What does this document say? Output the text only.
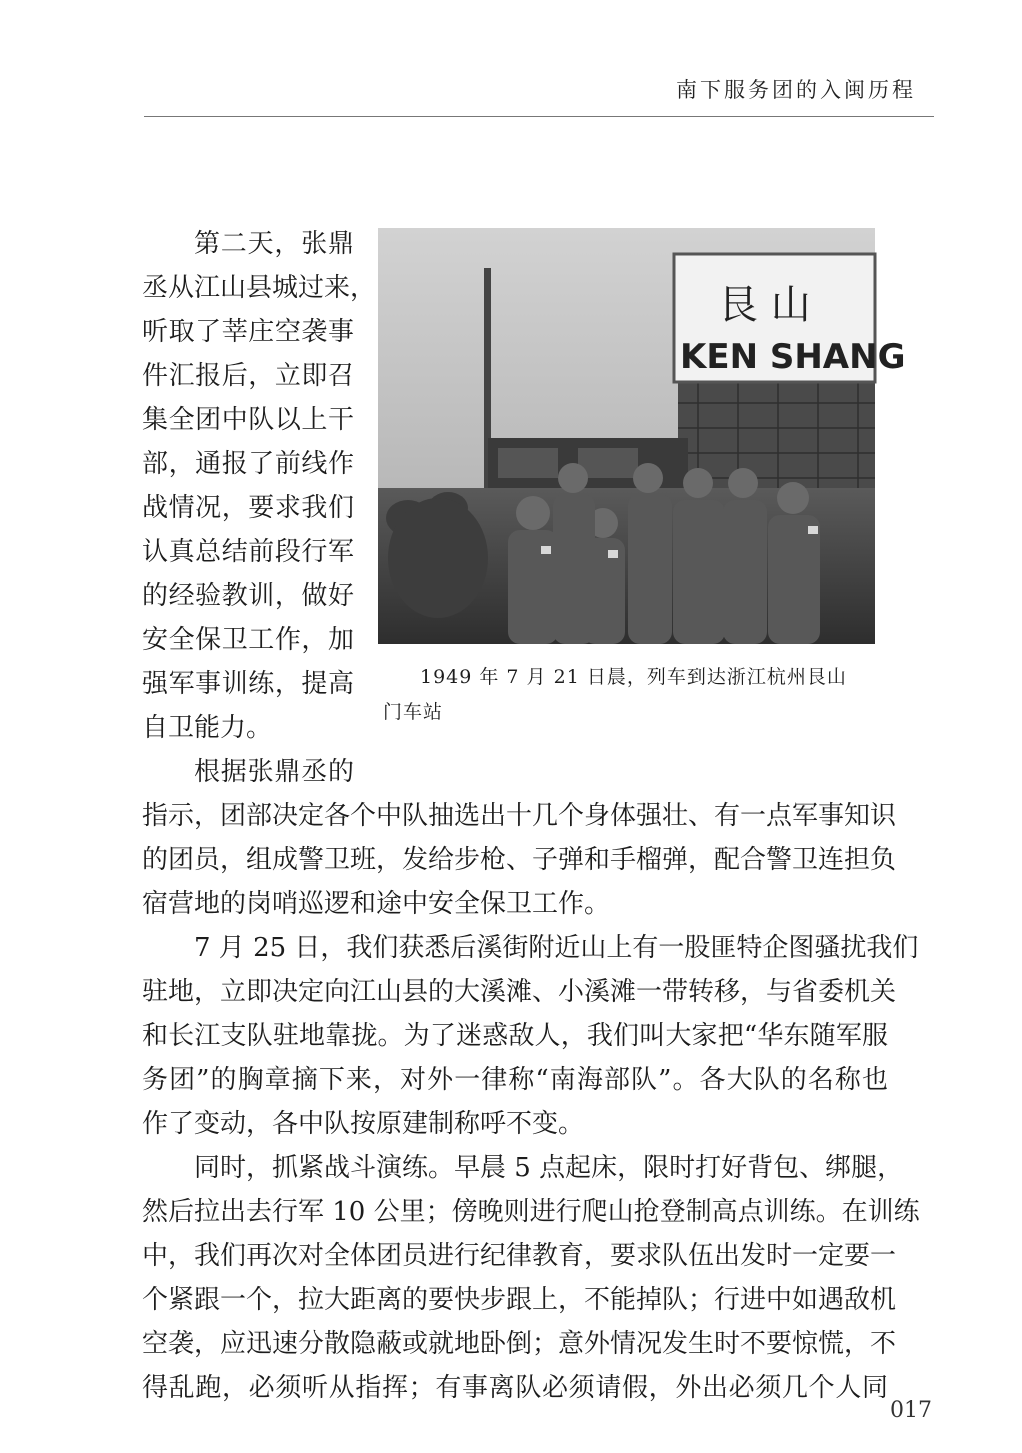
南下服务团的入闽历程
第二天，张鼎
丞从江山县城过来，
听取了莘庄空袭事
件汇报后，立即召
集全团中队以上干
部，通报了前线作
战情况，要求我们
认真总结前段行军
的经验教训，做好
安全保卫工作，加
强军事训练，提高
自卫能力。
艮 山
KEN SHANG
1949 年 7 月 21 日晨，列车到达浙江杭州艮山
门车站
根据张鼎丞的
指示，团部决定各个中队抽选出十几个身体强壮、有一点军事知识
的团员，组成警卫班，发给步枪、子弹和手榴弹，配合警卫连担负
宿营地的岗哨巡逻和途中安全保卫工作。
7 月 25 日，我们获悉后溪街附近山上有一股匪特企图骚扰我们
驻地，立即决定向江山县的大溪滩、小溪滩一带转移，与省委机关
和长江支队驻地靠拢。为了迷惑敌人，我们叫大家把“华东随军服
务团”的胸章摘下来，对外一律称“南海部队”。各大队的名称也
作了变动，各中队按原建制称呼不变。
同时，抓紧战斗演练。早晨 5 点起床，限时打好背包、绑腿，
然后拉出去行军 10 公里；傍晚则进行爬山抢登制高点训练。在训练
中，我们再次对全体团员进行纪律教育，要求队伍出发时一定要一
个紧跟一个，拉大距离的要快步跟上，不能掉队；行进中如遇敌机
空袭，应迅速分散隐蔽或就地卧倒；意外情况发生时不要惊慌，不
得乱跑，必须听从指挥；有事离队必须请假，外出必须几个人同
017
